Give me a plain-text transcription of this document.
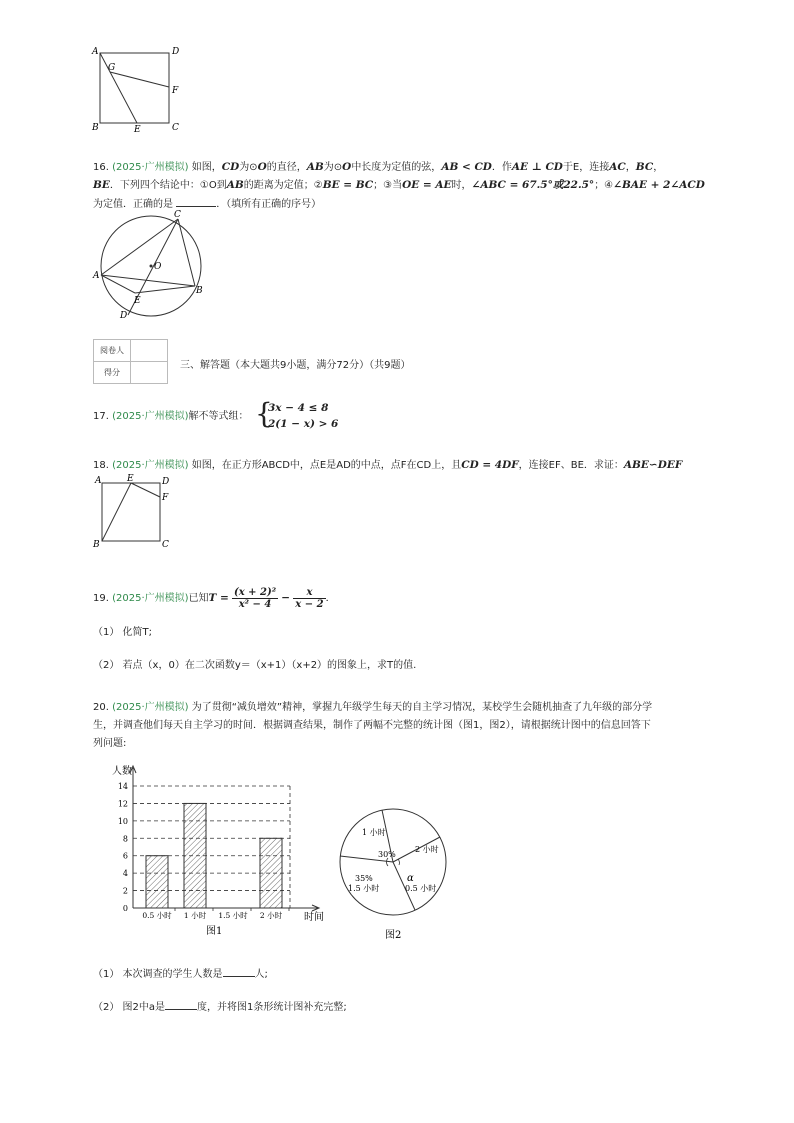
A	D
G
F
B	E	C
16. (2025·广州模拟) 如图，CD为⊙O的直径，AB为⊙O中长度为定值的弦，AB < CD．作AE ⊥ CD于E，连接AC，BC，
BE．下列四个结论中：①O到AB的距离为定值；②BE = BC；③当OE = AE时，∠ABC = 67.5°或22.5°；④∠BAE + 2∠ACD
为定值．正确的是	．（填所有正确的序号）
C
O
A
B
E
D
阅卷人	
得分	
三、解答题（本大题共9小题，满分72分）（共9题）
17. (2025·广州模拟)解不等式组： {
3x − 4 ≤ 8
2(1 − x) > 6
18. (2025·广州模拟) 如图，在正方形ABCD中，点E是AD的中点，点F在CD上，且CD = 4DF，连接EF、BE．求证：ABE∽DEF
A	E	D
F
B	C
19. (2025·广州模拟)已知$T = \frac{\text{(x + 2)²}}{\text{x² − 4}} - \frac{x}{x - 2}$ ．
（1） 化简T;
（2） 若点（x，0）在二次函数y＝（x+1）（x+2）的图象上，求T的值.
20. (2025·广州模拟) 为了贯彻“减负增效”精神，掌握九年级学生每天的自主学习情况，某校学生会随机抽查了九年级的部分学
生，并调查他们每天自主学习的时间．根据调查结果，制作了两幅不完整的统计图（图1，图2），请根据统计图中的信息回答下
列问题:
人数
时间
图1
0
2
4
6
8
10
12
14
0.5 小时 1 小时 1.5 小时 2 小时
1 小时
30%
2 小时
α
0.5 小时
35%
1.5 小时
图2
（1） 本次调查的学生人数是	人;
（2） 图2中a是	度，并将图1条形统计图补充完整;
